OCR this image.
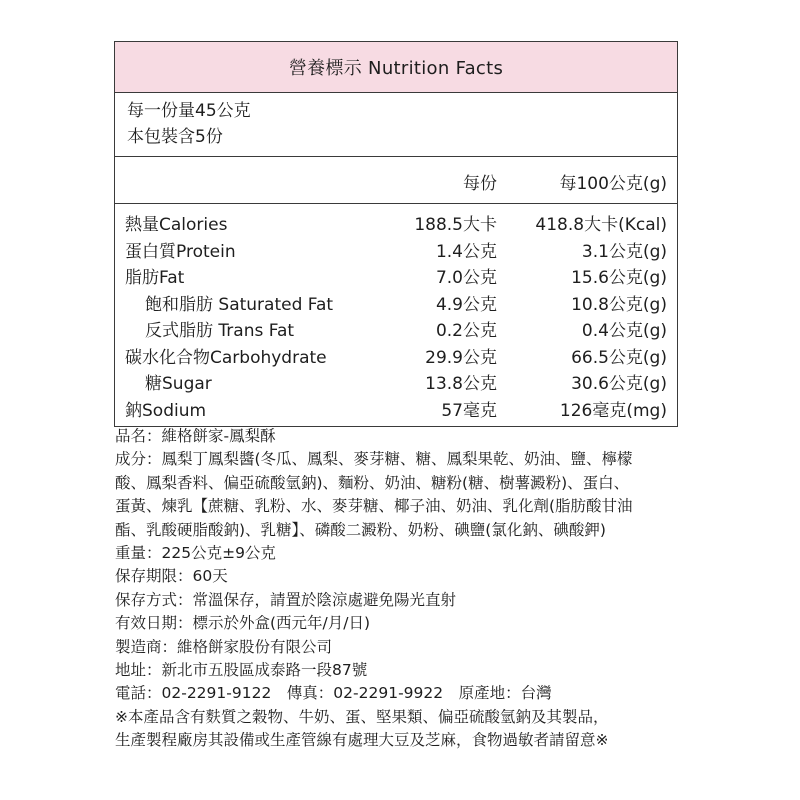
營養標示 Nutrition Facts
每一份量45公克
本包裝含5份
每份	每100公克(g)
熱量Calories	188.5大卡 418.8大卡(Kcal)
蛋白質Protein	1.4公克	3.1公克(g)
脂肪Fat	7.0公克	15.6公克(g)
飽和脂肪 Saturated Fat	4.9公克	10.8公克(g)
反式脂肪 Trans Fat	0.2公克	0.4公克(g)
碳水化合物Carbohydrate	29.9公克	66.5公克(g)
糖Sugar	13.8公克	30.6公克(g)
鈉Sodium	57毫克	126毫克(mg)
品名：維格餅家-鳳梨酥
成分：鳳梨丁鳳梨醬(冬瓜、鳳梨、麥芽糖、糖、鳳梨果乾、奶油、鹽、檸檬
酸、鳳梨香料、偏亞硫酸氫鈉)、麵粉、奶油、糖粉(糖、樹薯澱粉)、蛋白、
蛋黃、煉乳【蔗糖、乳粉、水、麥芽糖、椰子油、奶油、乳化劑(脂肪酸甘油
酯、乳酸硬脂酸鈉)、乳糖】、磷酸二澱粉、奶粉、碘鹽(氯化鈉、碘酸鉀)
重量：225公克±9公克
保存期限：60天
保存方式：常溫保存，請置於陰涼處避免陽光直射
有效日期：標示於外盒(西元年/月/日)
製造商：維格餅家股份有限公司
地址：新北市五股區成泰路一段87號
電話：02-2291-9122　傳真：02-2291-9922　原產地：台灣
※本產品含有麩質之穀物、牛奶、蛋、堅果類、偏亞硫酸氫鈉及其製品，
生產製程廠房其設備或生產管線有處理大豆及芝麻，食物過敏者請留意※
